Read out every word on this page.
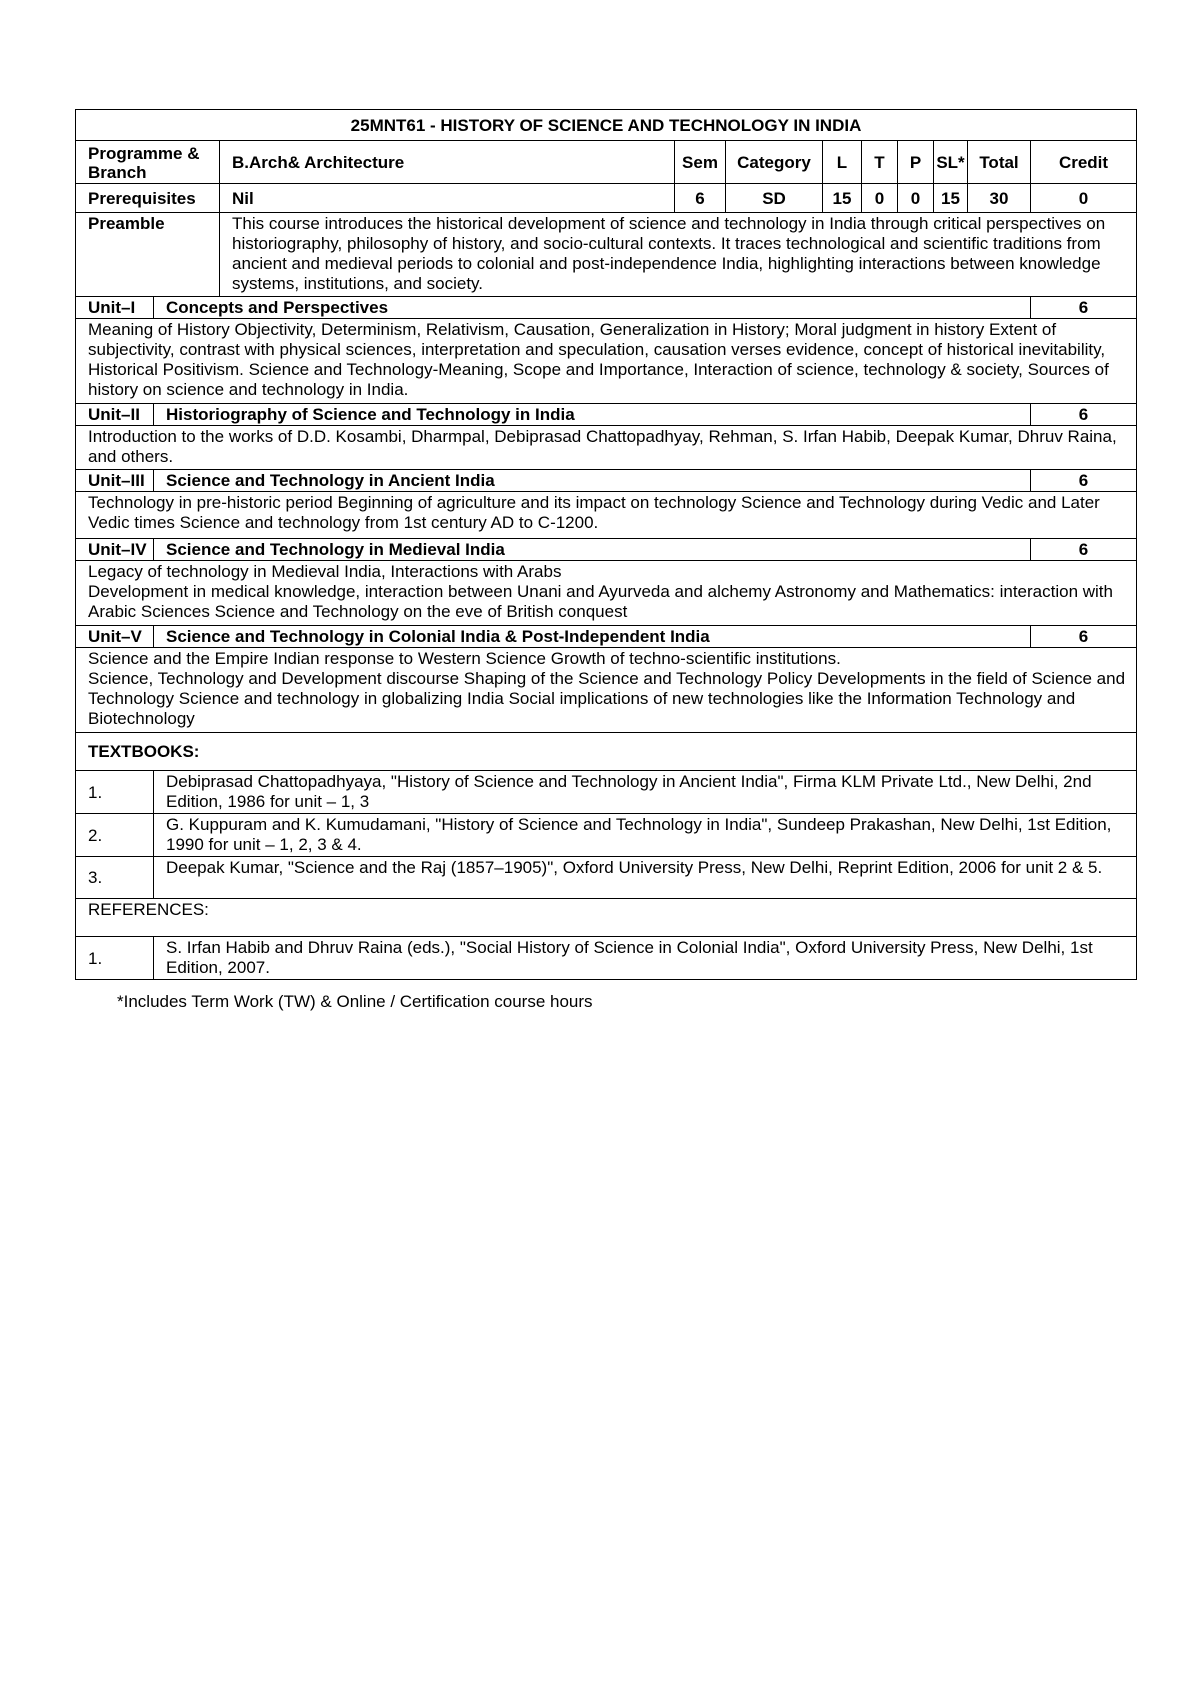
25MNT61 - HISTORY OF SCIENCE AND TECHNOLOGY IN INDIA										
Programme & Branch		B.Arch& Architecture	Sem	Category	L	T	P	SL*	Total	Credit
Prerequisites		Nil	6	SD	15	0	0	15	30	0
Preamble		This course introduces the historical development of science and technology in India through critical perspectives on historiography, philosophy of history, and socio-cultural contexts. It traces technological and scientific traditions from ancient and medieval periods to colonial and post-independence India, highlighting interactions between knowledge systems, institutions, and society.								
Unit–I	Concepts and Perspectives									6

Meaning of History Objectivity, Determinism, Relativism, Causation, Generalization in History; Moral judgment in history Extent of subjectivity, contrast with physical sciences, interpretation and speculation, causation verses evidence, concept of historical inevitability, Historical Positivism. Science and Technology-Meaning, Scope and Importance, Interaction of science, technology & society, Sources of history on science and technology in India.										

Unit–II	Historiography of Science and Technology in India									6

Introduction to the works of D.D. Kosambi, Dharmpal, Debiprasad Chattopadhyay, Rehman, S. Irfan Habib, Deepak Kumar, Dhruv Raina, and others.										

Unit–III	Science and Technology in Ancient India									6

Technology in pre-historic period Beginning of agriculture and its impact on technology Science and Technology during Vedic and Later Vedic times Science and technology from 1st century AD to C-1200.										

Unit–IV	Science and Technology in Medieval India									6

Legacy of technology in Medieval India, Interactions with Arabs
Development in medical knowledge, interaction between Unani and Ayurveda and alchemy Astronomy and Mathematics: interaction with Arabic Sciences Science and Technology on the eve of British conquest										

Unit–V	Science and Technology in Colonial India & Post-Independent India									6

Science and the Empire Indian response to Western Science Growth of techno-scientific institutions.
Science, Technology and Development discourse Shaping of the Science and Technology Policy Developments in the field of Science and Technology Science and technology in globalizing India Social implications of new technologies like the Information Technology and Biotechnology										

TEXTBOOKS:										
1.	Debiprasad Chattopadhyaya, "History of Science and Technology in Ancient India", Firma KLM Private Ltd., New Delhi, 2nd Edition, 1986 for unit – 1, 3									
2.	G. Kuppuram and K. Kumudamani, "History of Science and Technology in India", Sundeep Prakashan, New Delhi, 1st Edition, 1990 for unit – 1, 2, 3 & 4.									
3.	Deepak Kumar, "Science and the Raj (1857–1905)", Oxford University Press, New Delhi, Reprint Edition, 2006 for unit 2 & 5.									
REFERENCES:										
1.	S. Irfan Habib and Dhruv Raina (eds.), "Social History of Science in Colonial India", Oxford University Press, New Delhi, 1st Edition, 2007.									
*Includes Term Work (TW) & Online / Certification course hours
